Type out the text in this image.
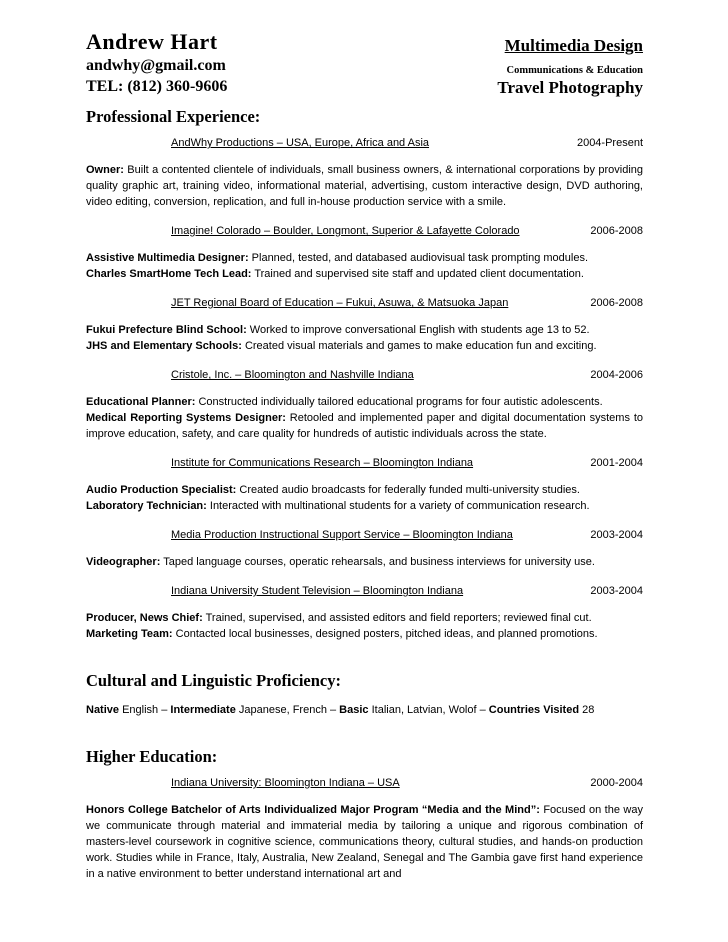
Andrew Hart	Multimedia Design
andwhy@gmail.com	Communications & Education
TEL: (812) 360-9606	Travel Photography
Professional Experience:
AndWhy Productions – USA, Europe, Africa and Asia	2004-Present

Owner: Built a contented clientele of individuals, small business owners, & international corporations by providing quality graphic art, training video, informational material, advertising, custom interactive design, DVD authoring, video editing, conversion, replication, and full in-house production service with a smile.

Imagine! Colorado – Boulder, Longmont, Superior & Lafayette Colorado	2006-2008

Assistive Multimedia Designer: Planned, tested, and databased audiovisual task prompting modules.

Charles SmartHome Tech Lead: Trained and supervised site staff and updated client documentation.

JET Regional Board of Education – Fukui, Asuwa, & Matsuoka Japan	2006-2008

Fukui Prefecture Blind School: Worked to improve conversational English with students age 13 to 52.

JHS and Elementary Schools: Created visual materials and games to make education fun and exciting.

Cristole, Inc. – Bloomington and Nashville Indiana	2004-2006

Educational Planner: Constructed individually tailored educational programs for four autistic adolescents.

Medical Reporting Systems Designer: Retooled and implemented paper and digital documentation systems to improve education, safety, and care quality for hundreds of autistic individuals across the state.

Institute for Communications Research – Bloomington Indiana	2001-2004

Audio Production Specialist: Created audio broadcasts for federally funded multi-university studies.

Laboratory Technician: Interacted with multinational students for a variety of communication research.

Media Production Instructional Support Service – Bloomington Indiana	2003-2004

Videographer: Taped language courses, operatic rehearsals, and business interviews for university use.

Indiana University Student Television – Bloomington Indiana	2003-2004

Producer, News Chief: Trained, supervised, and assisted editors and field reporters; reviewed final cut.

Marketing Team: Contacted local businesses, designed posters, pitched ideas, and planned promotions.

Cultural and Linguistic Proficiency:

Native English – Intermediate Japanese, French – Basic Italian, Latvian, Wolof – Countries Visited 28

Higher Education:
Indiana University: Bloomington Indiana – USA	2000-2004

Honors College Batchelor of Arts Individualized Major Program “Media and the Mind”: Focused on the way we communicate through material and immaterial media by tailoring a unique and rigorous combination of masters-level coursework in cognitive science, communications theory, cultural studies, and hands-on production work. Studies while in France, Italy, Australia, New Zealand, Senegal and The Gambia gave first hand experience in a native environment to better understand international art and
